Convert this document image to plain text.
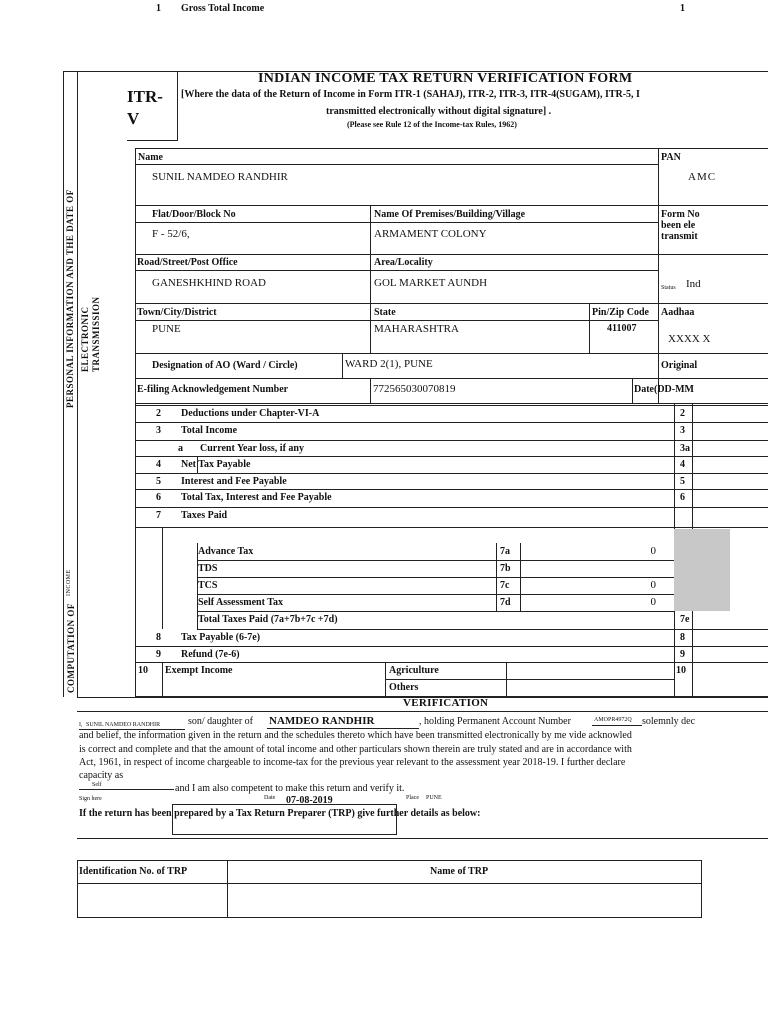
ITR-V
INDIAN INCOME TAX RETURN VERIFICATION FORM
[Where the data of the Return of Income in Form ITR-1 (SAHAJ), ITR-2, ITR-3, ITR-4(SUGAM), ITR-5, I
transmitted electronically without digital signature] .
(Please see Rule 12 of the Income-tax Rules, 1962)
PERSONAL INFORMATION AND THE DATE OF ELECTRONIC TRANSMISSION
COMPUTATION OF
INCOME
Name	PAN
SUNIL NAMDEO RANDHIR	AMC
Flat/Door/Block No	Name Of Premises/Building/Village	Form No
been ele
transmit
F - 52/6,	ARMAMENT COLONY
Road/Street/Post Office	Area/Locality
GANESHKHIND ROAD	GOL MARKET AUNDH	Status Ind
Town/City/District	State	Pin/Zip Code Aadhaa
PUNE	MAHARASHTRA	411007
XXXX X
Designation of AO (Ward / Circle)	WARD 2(1), PUNE	Original
E-filing Acknowledgement Number	772565030070819	Date(DD-MM
1 Gross Total Income	1
2 Deductions under Chapter-VI-A	2
3 Total Income	3
a Current Year loss, if any	3a
4 Net Tax Payable	4
5 Interest and Fee Payable	5
6 Total Tax, Interest and Fee Payable	6
7 Taxes Paid
Advance Tax	7a	0
TDS	7b
TCS	7c	0
Self Assessment Tax	7d	0
Total Taxes Paid (7a+7b+7c +7d)	7e
8 Tax Payable (6-7e)	8
9 Refund (7e-6)	9
10 Exempt Income	Agriculture
Others
10
VERIFICATION
I, SUNIL NAMDEO RANDHIR	son/ daughter of NAMDEO RANDHIR	, holding Permanent Account Number	AMOPR4972Q solemnly dec
and belief, the information given in the return and the schedules thereto which have been transmitted electronically by me vide acknowled
is correct and complete and that the amount of total income and other particulars shown therein are truly stated and are in accordance with
Act, 1961, in respect of income chargeable to income-tax for the previous year relevant to the assessment year 2018-19. I further declare
capacity as
Self	and I am also competent to make this return and verify it.
Sign here	Date 07-08-2019	Place PUNE
If the return has been prepared by a Tax Return Preparer (TRP) give further details as below:
Identification No. of TRP	Name of TRP
